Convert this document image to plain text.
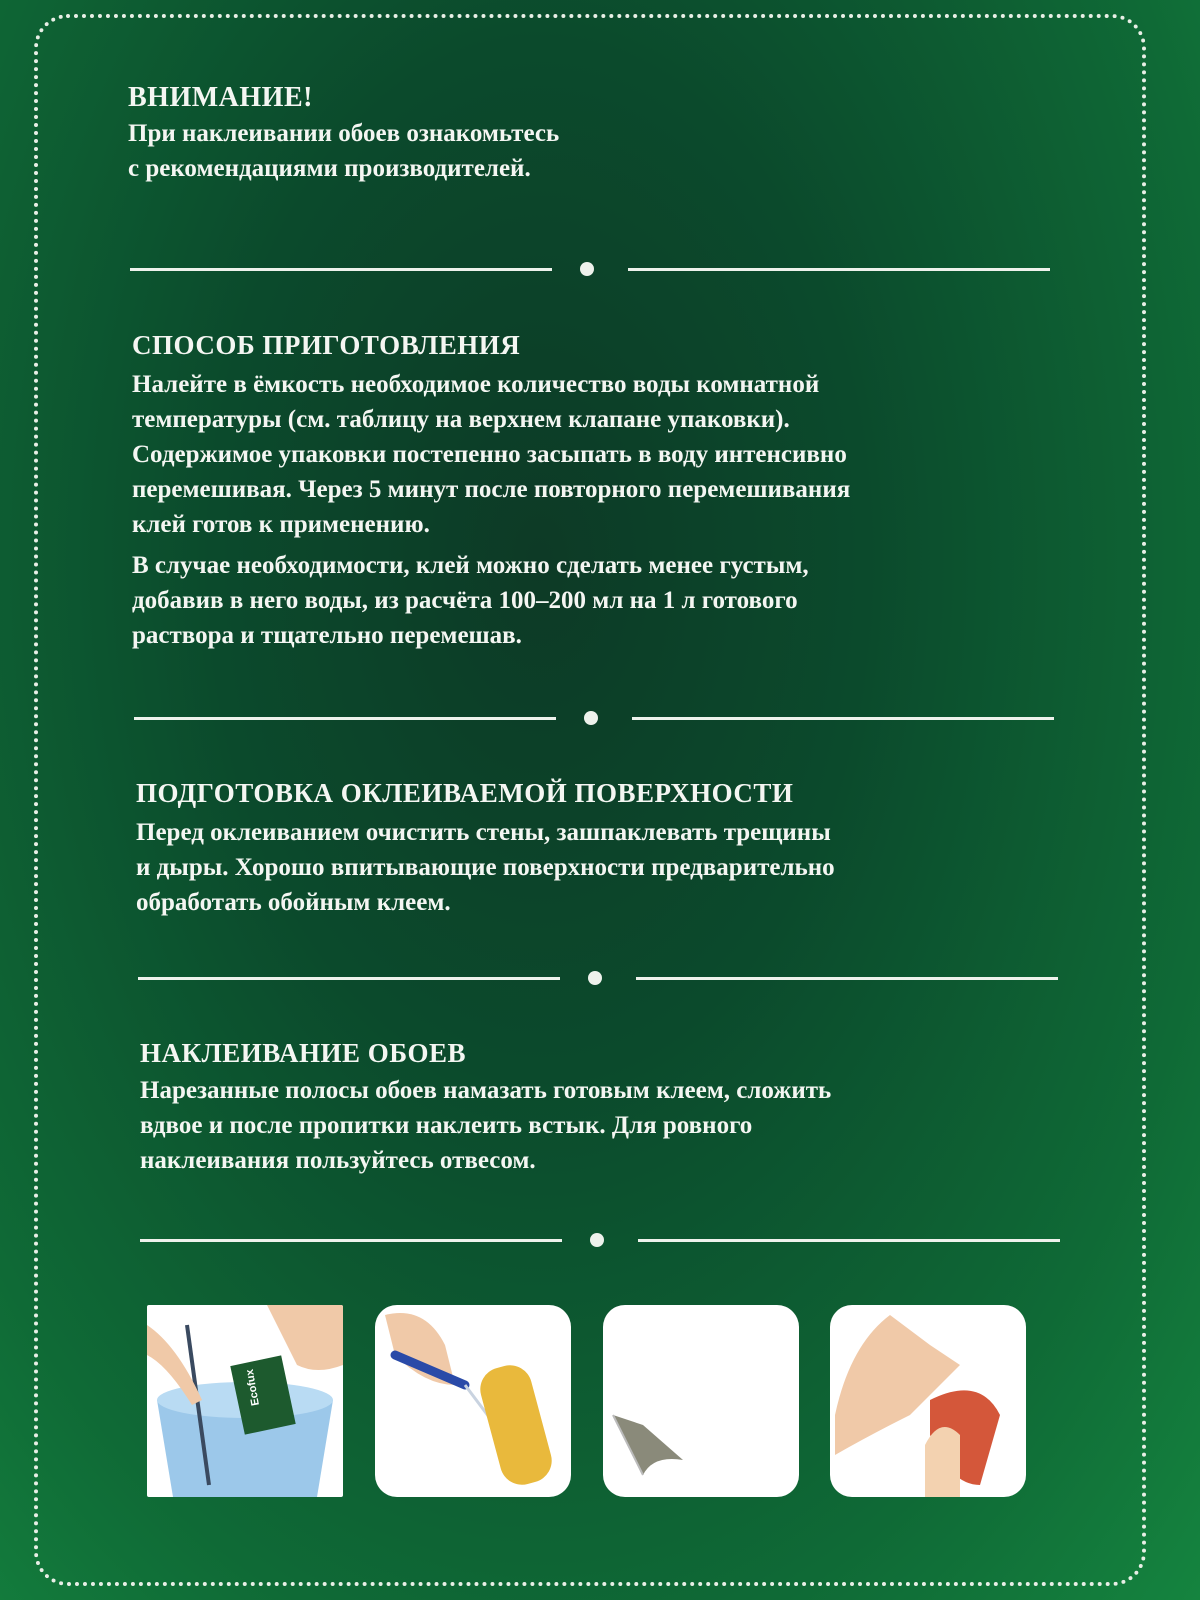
ВНИМАНИЕ!
При наклеивании обоев ознакомьтесь
с рекомендациями производителей.
СПОСОБ ПРИГОТОВЛЕНИЯ
Налейте в ёмкость необходимое количество воды комнатной
температуры (см. таблицу на верхнем клапане упаковки).
Содержимое упаковки постепенно засыпать в воду интенсивно
перемешивая. Через 5 минут после повторного перемешивания
клей готов к применению.
В случае необходимости, клей можно сделать менее густым,
добавив в него воды, из расчёта 100–200 мл на 1 л готового
раствора и тщательно перемешав.
ПОДГОТОВКА ОКЛЕИВАЕМОЙ ПОВЕРХНОСТИ
Перед оклеиванием очистить стены, зашпаклевать трещины
и дыры. Хорошо впитывающие поверхности предварительно
обработать обойным клеем.
НАКЛЕИВАНИЕ ОБОЕВ
Нарезанные полосы обоев намазать готовым клеем, сложить
вдвое и после пропитки наклеить встык. Для ровного
наклеивания пользуйтесь отвесом.
Ecofux
